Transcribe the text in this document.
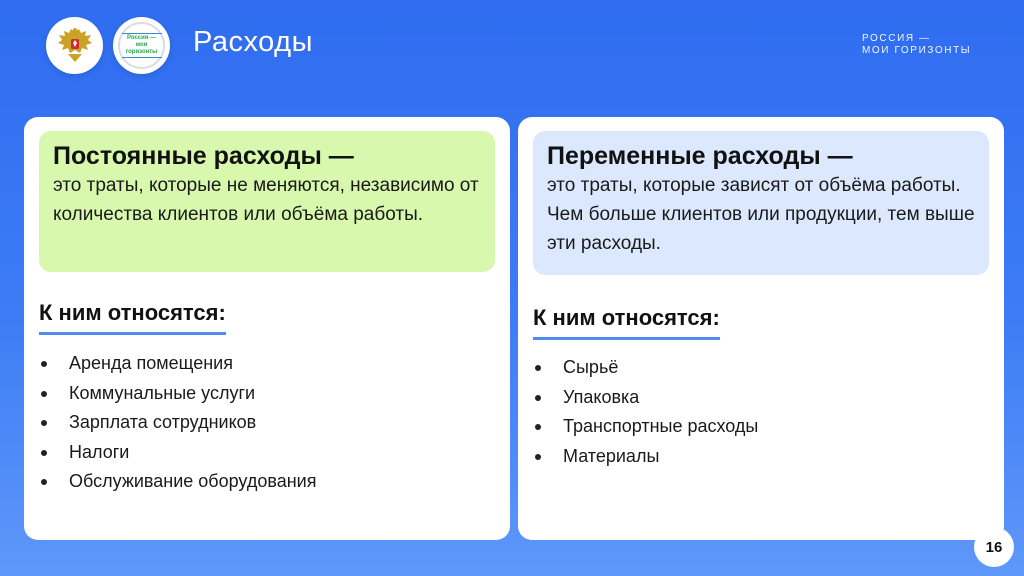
Россия — мои горизонты Расходы	РОССИЯ —
МОИ ГОРИЗОНТЫ
Постоянные расходы —
это траты, которые не меняются, независимо от количества клиентов или объёма работы.
К ним относятся:
Аренда помещения
Коммунальные услуги
Зарплата сотрудников
Налоги
Обслуживание оборудования
Переменные расходы —
это траты, которые зависят от объёма работы. Чем больше клиентов или продукции, тем выше эти расходы.
К ним относятся:
Сырьё
Упаковка
Транспортные расходы
Материалы
16
